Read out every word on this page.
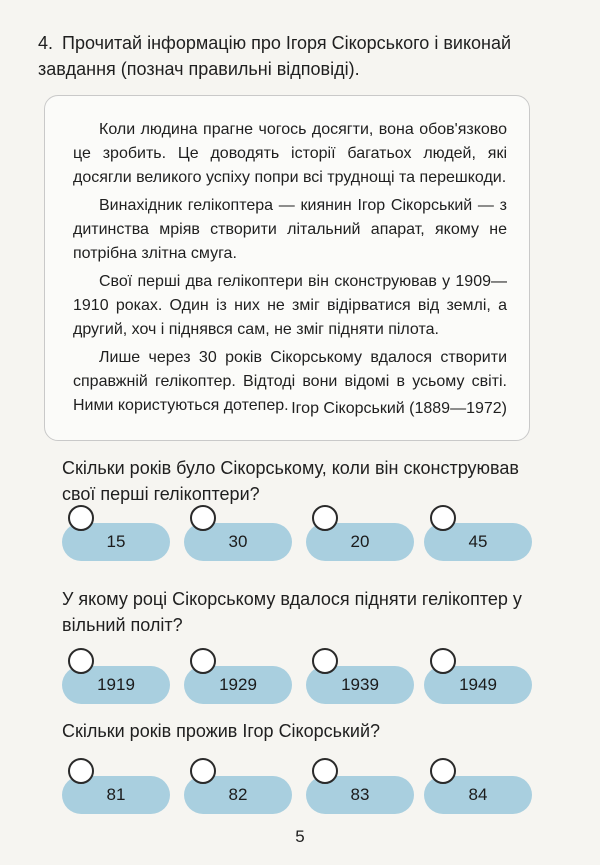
4. Прочитай інформацію про Ігоря Сікорського і виконай завдання (познач правильні відповіді).

Коли людина прагне чогось досягти, вона обов'язково це зробить. Це доводять історії багатьох людей, які досягли великого успіху попри всі труднощі та перешкоди.

Винахідник гелікоптера — киянин Ігор Сікорський — з дитинства мріяв створити літальний апарат, якому не потрібна злітна смуга.

Свої перші два гелікоптери він сконструював у 1909—1910 роках. Один із них не зміг відірватися від землі, а другий, хоч і піднявся сам, не зміг підняти пілота.

Лише через 30 років Сікорському вдалося створити справжній гелікоптер. Відтоді вони відомі в усьому світі. Ними користуються дотепер. Ігор Сікорський (1889—1972)
Скільки років було Сікорському, коли він сконструював свої перші гелікоптери?
15	30	20	45
У якому році Сікорському вдалося підняти гелікоптер у вільний політ?
1919	1929	1939	1949
Скільки років прожив Ігор Сікорський?
81	82	83	84
5
